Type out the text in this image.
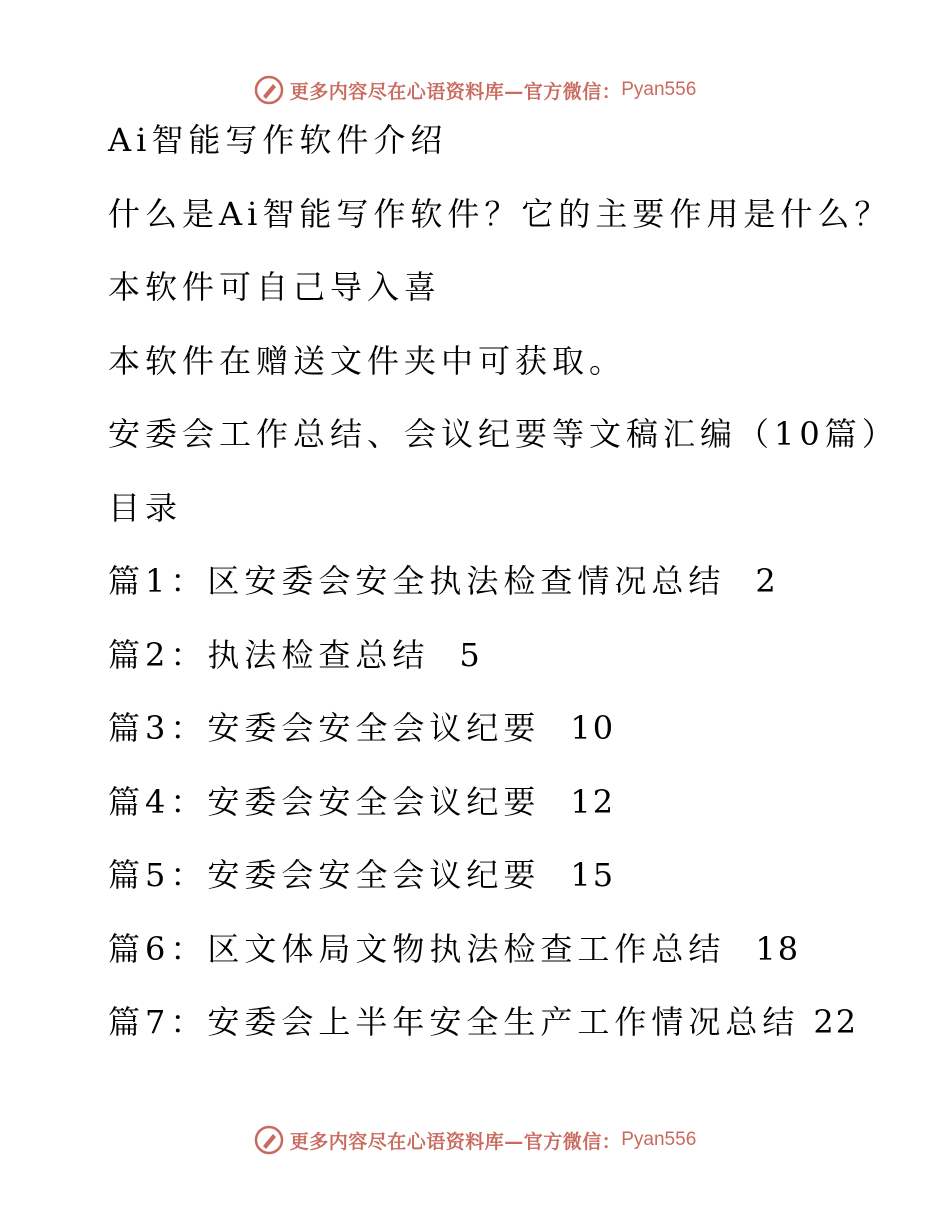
更多内容尽在心语资料库—官方微信： Pyan556
Ai智能写作软件介绍
什么是Ai智能写作软件？它的主要作用是什么？
本软件可自己导入喜
本软件在赠送文件夹中可获取。
安委会工作总结、会议纪要等文稿汇编（10篇）
目录
篇1：区安委会安全执法检查情况总结 2
篇2：执法检查总结 5
篇3：安委会安全会议纪要 10
篇4：安委会安全会议纪要 12
篇5：安委会安全会议纪要 15
篇6：区文体局文物执法检查工作总结 18
篇7：安委会上半年安全生产工作情况总结 22
更多内容尽在心语资料库—官方微信： Pyan556
